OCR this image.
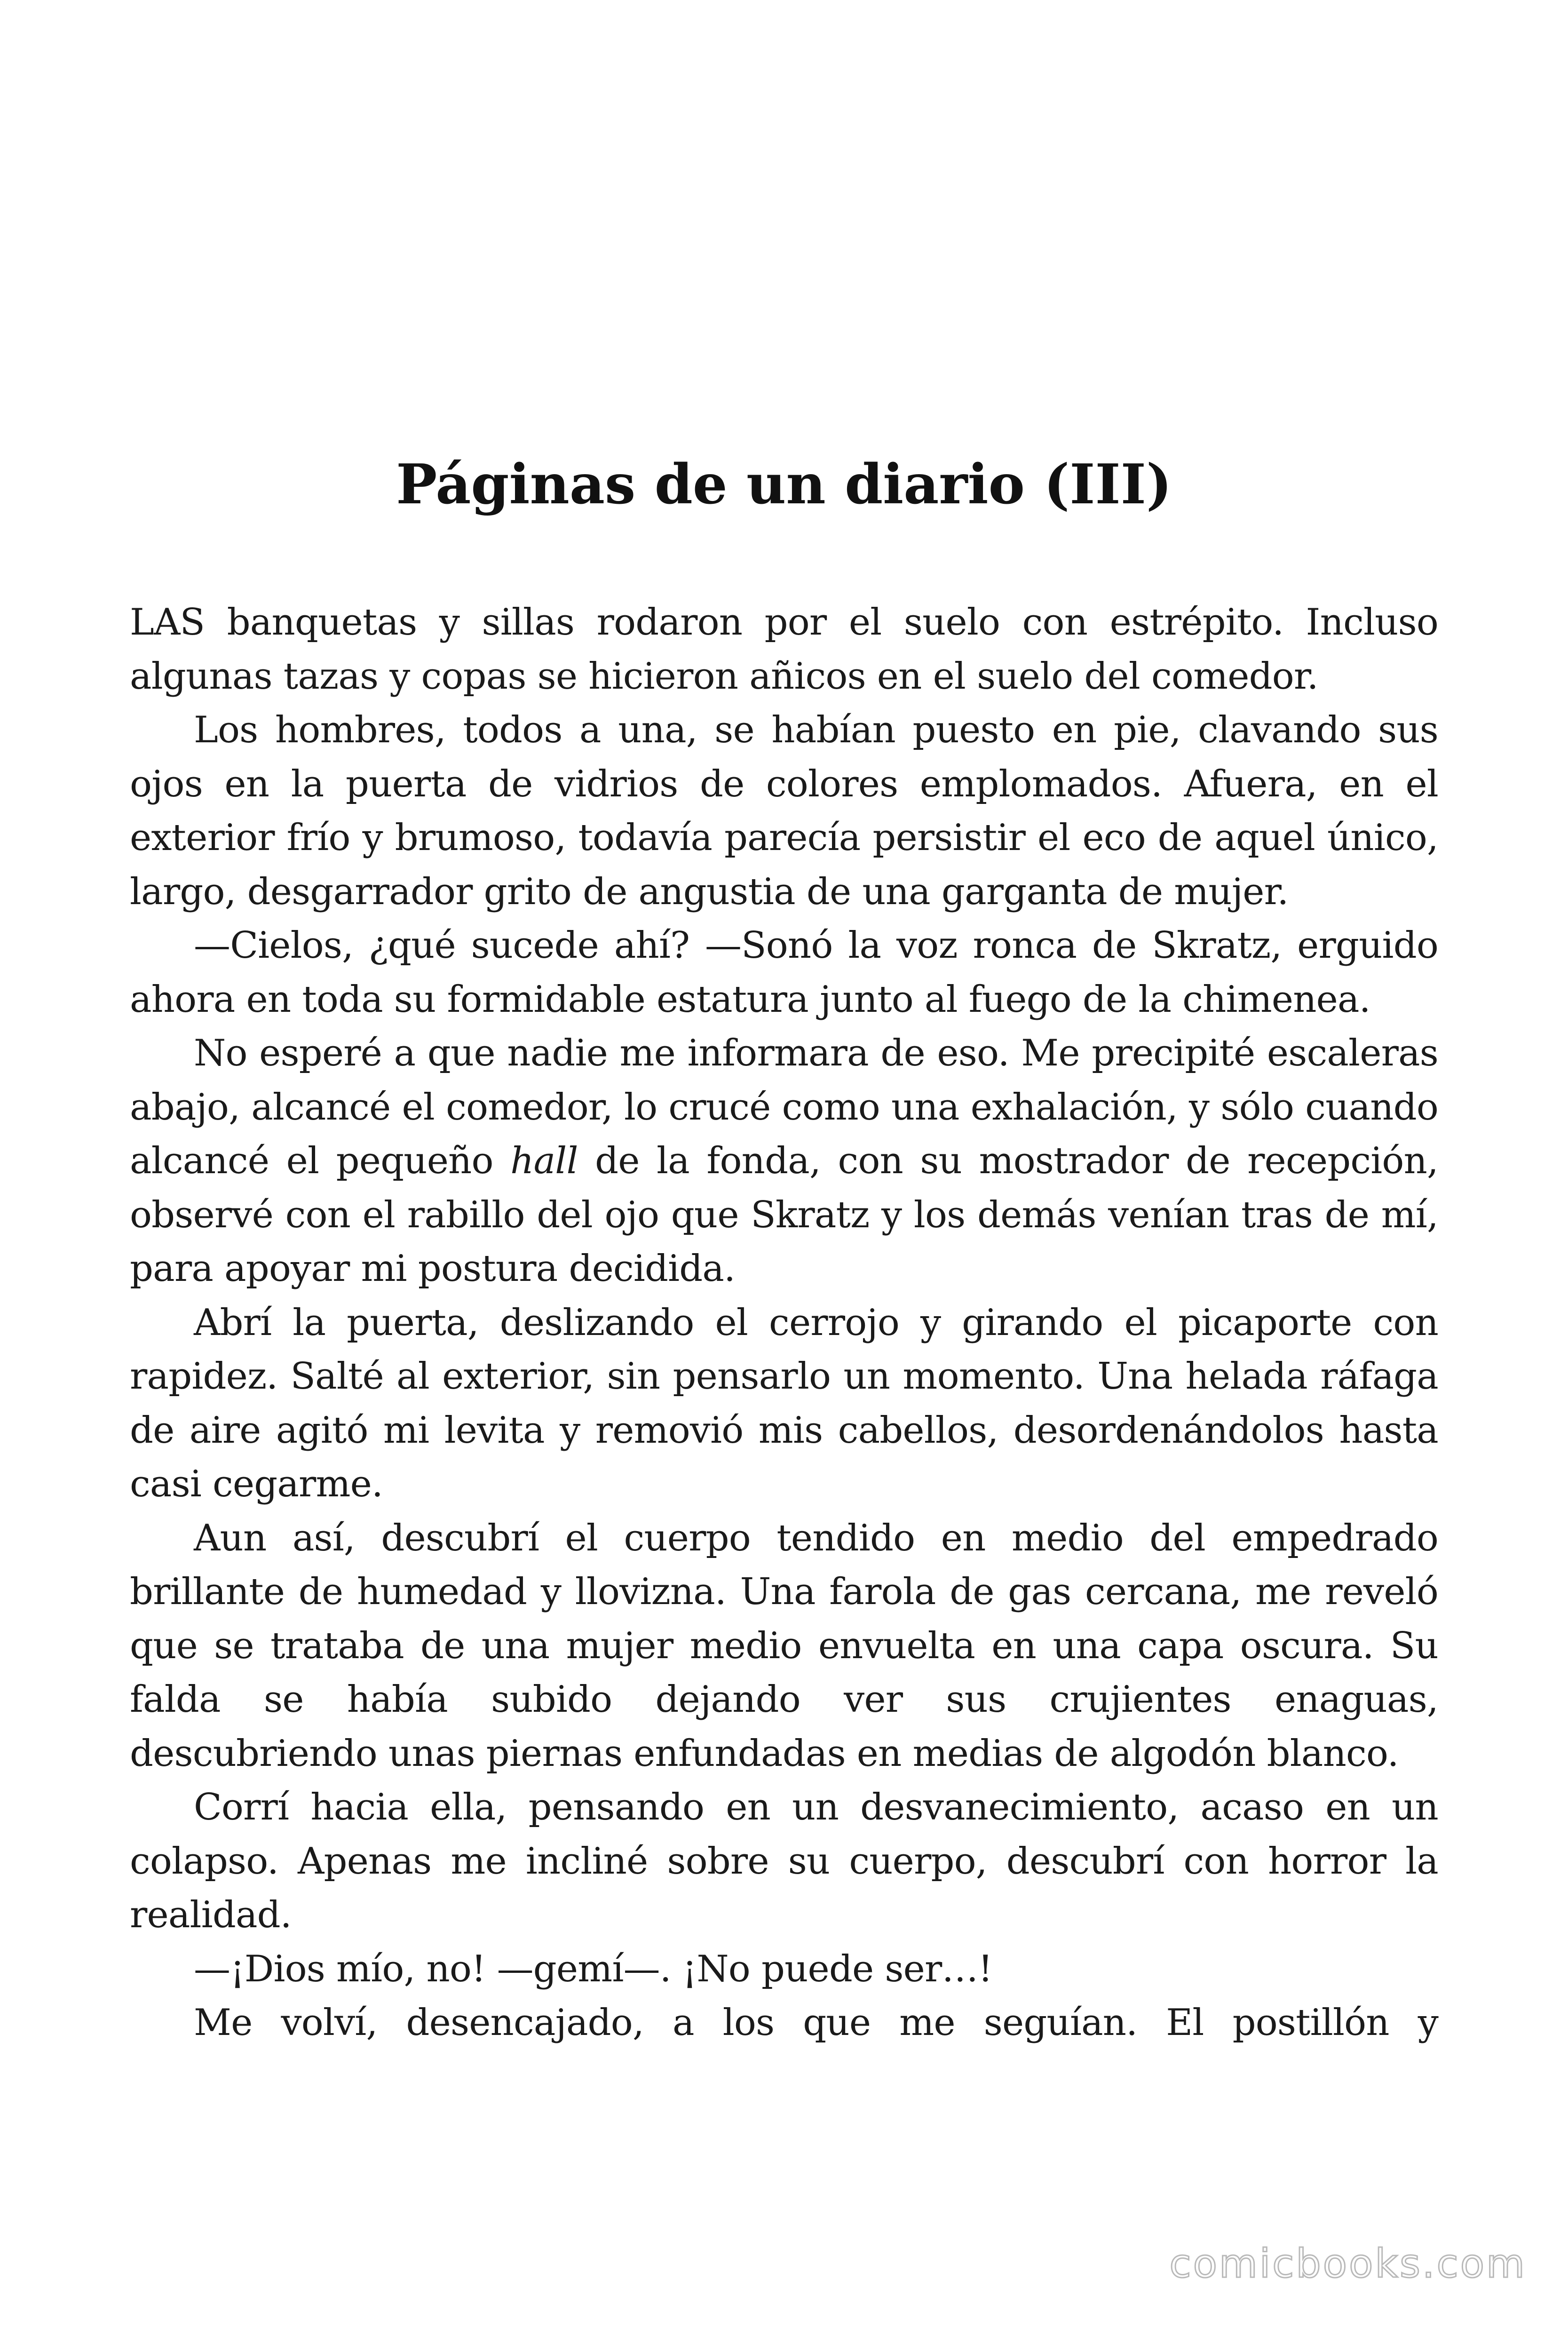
Páginas de un diario (III)

LAS banquetas y sillas rodaron por el suelo con estrépito. Incluso algunas tazas y copas se hicieron añicos en el suelo del comedor.

Los hombres, todos a una, se habían puesto en pie, clavando sus ojos en la puerta de vidrios de colores emplomados. Afuera, en el exterior frío y brumoso, todavía parecía persistir el eco de aquel único, largo, desgarrador grito de angustia de una garganta de mujer.

—Cielos, ¿qué sucede ahí? —Sonó la voz ronca de Skratz, erguido ahora en toda su formidable estatura junto al fuego de la chimenea.

No esperé a que nadie me informara de eso. Me precipité escaleras abajo, alcancé el comedor, lo crucé como una exhalación, y sólo cuando alcancé el pequeño hall de la fonda, con su mostrador de recepción, observé con el rabillo del ojo que Skratz y los demás venían tras de mí, para apoyar mi postura decidida.

Abrí la puerta, deslizando el cerrojo y girando el picaporte con rapidez. Salté al exterior, sin pensarlo un momento. Una helada ráfaga de aire agitó mi levita y removió mis cabellos, desordenándolos hasta casi cegarme.

Aun así, descubrí el cuerpo tendido en medio del empedrado brillante de humedad y llovizna. Una farola de gas cercana, me reveló que se trataba de una mujer medio envuelta en una capa oscura. Su falda se había subido dejando ver sus crujientes enaguas, descubriendo unas piernas enfundadas en medias de algodón blanco.

Corrí hacia ella, pensando en un desvanecimiento, acaso en un colapso. Apenas me incliné sobre su cuerpo, descubrí con horror la realidad.

—¡Dios mío, no! —gemí—. ¡No puede ser…!

Me volví, desencajado, a los que me seguían. El postillón y

comicbooks.com
